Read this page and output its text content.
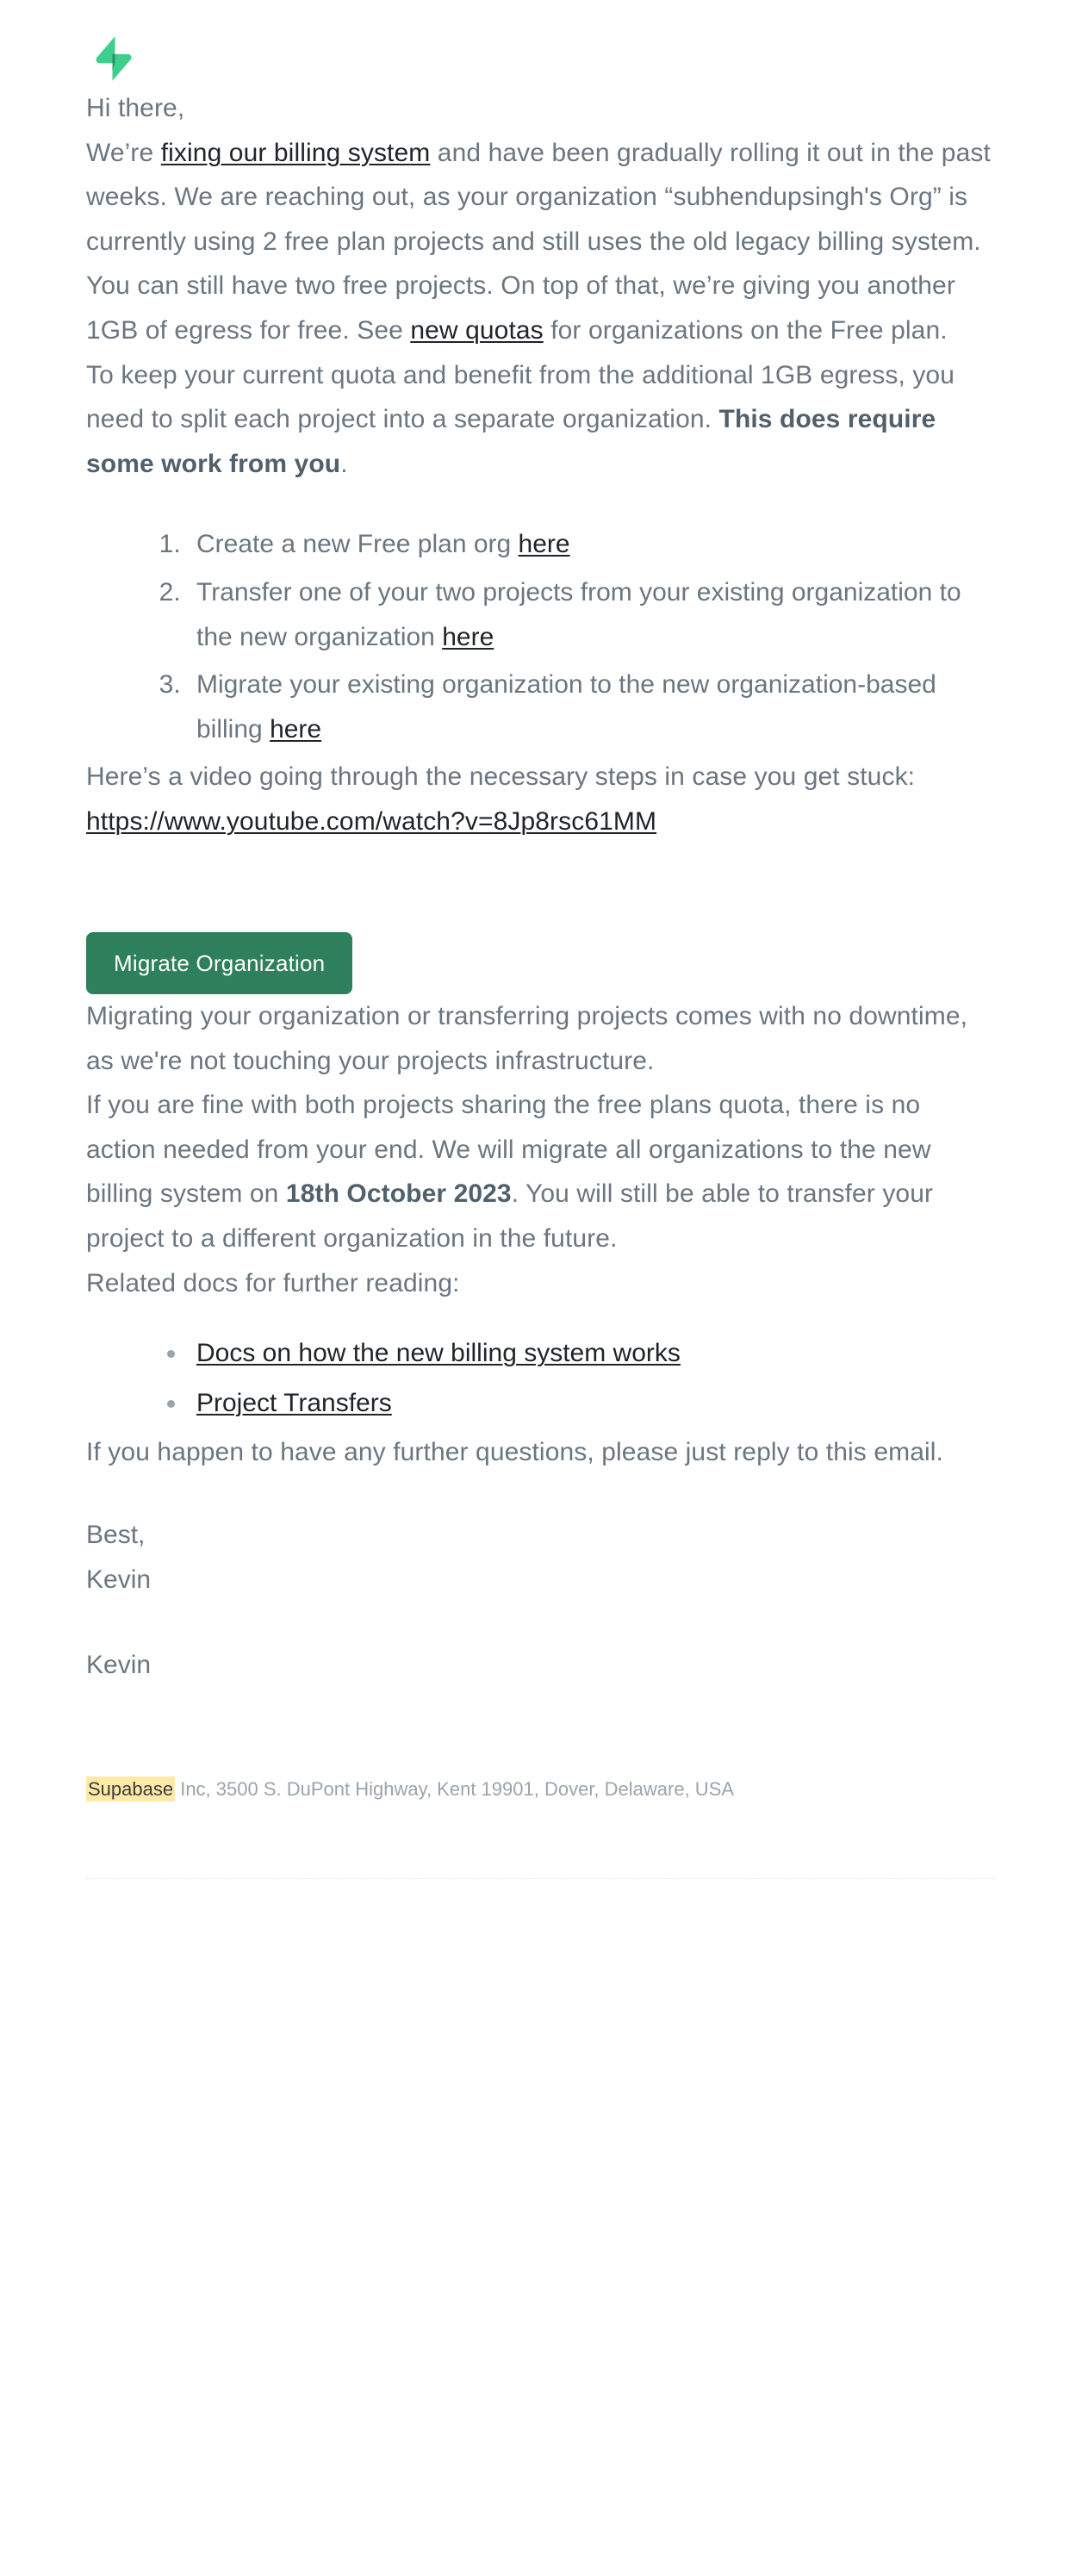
Hi there,

We’re fixing our billing system and have been gradually rolling it out in the past weeks. We are reaching out, as your organization “subhendupsingh's Org” is currently using 2 free plan projects and still uses the old legacy billing system.

You can still have two free projects. On top of that, we’re giving you another 1GB of egress for free. See new quotas for organizations on the Free plan.

To keep your current quota and benefit from the additional 1GB egress, you need to split each project into a separate organization. This does require some work from you.

1. Create a new Free plan org here
2. Transfer one of your two projects from your existing organization to the new organization here
3. Migrate your existing organization to the new organization-based billing here

Here’s a video going through the necessary steps in case you get stuck:
https://www.youtube.com/watch?v=8Jp8rsc61MM

Migrate Organization

Migrating your organization or transferring projects comes with no downtime, as we're not touching your projects infrastructure.

If you are fine with both projects sharing the free plans quota, there is no action needed from your end. We will migrate all organizations to the new billing system on 18th October 2023. You will still be able to transfer your project to a different organization in the future.

Related docs for further reading:

• Docs on how the new billing system works
• Project Transfers

If you happen to have any further questions, please just reply to this email.

Best,

Kevin

Kevin

Supabase Inc, 3500 S. DuPont Highway, Kent 19901, Dover, Delaware, USA
